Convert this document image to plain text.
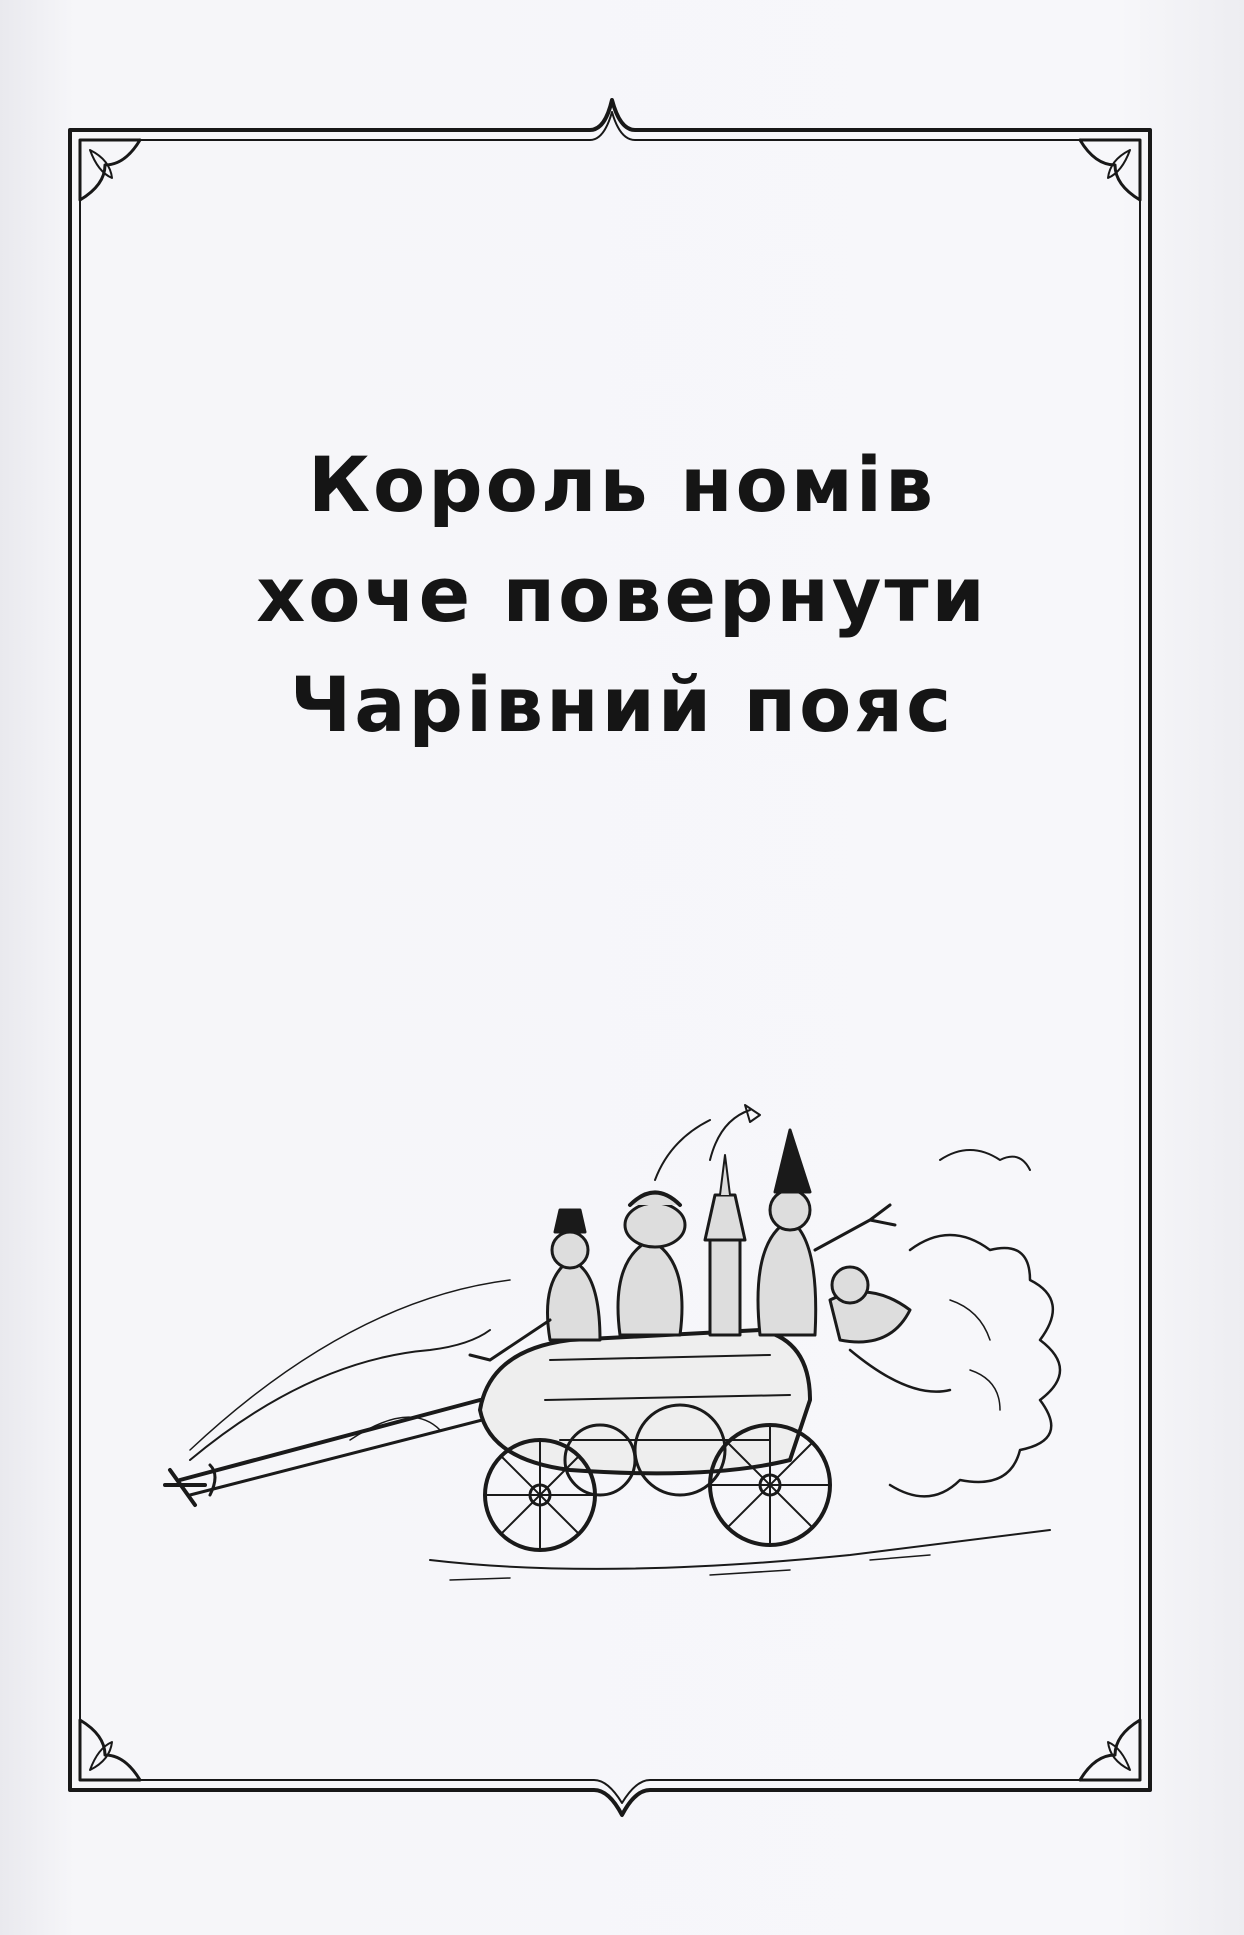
Король номів
хоче повернути
Чарівний пояс
